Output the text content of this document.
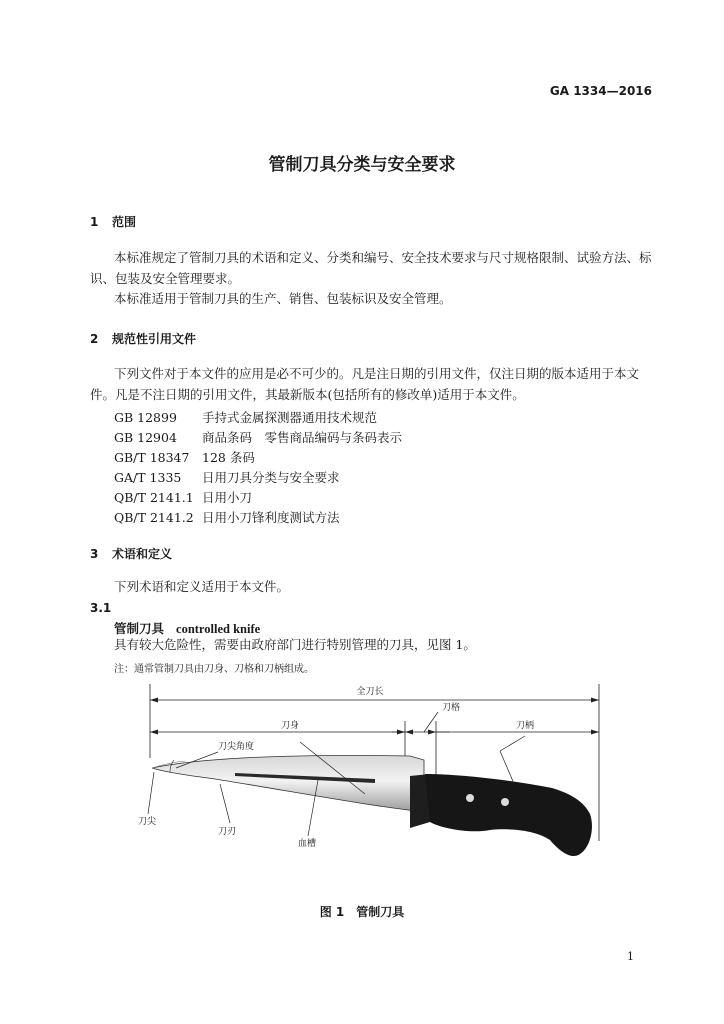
GA 1334—2016
管制刀具分类与安全要求
1 范围
本标准规定了管制刀具的术语和定义、分类和编号、安全技术要求与尺寸规格限制、试验方法、标
识、包装及安全管理要求。
本标准适用于管制刀具的生产、销售、包装标识及安全管理。
2 规范性引用文件
下列文件对于本文件的应用是必不可少的。凡是注日期的引用文件，仅注日期的版本适用于本文
件。凡是不注日期的引用文件，其最新版本(包括所有的修改单)适用于本文件。
GB 12899 手持式金属探测器通用技术规范
GB 12904 商品条码　零售商品编码与条码表示
GB/T 18347 128 条码
GA/T 1335 日用刀具分类与安全要求
QB/T 2141.1 日用小刀
QB/T 2141.2 日用小刀锋利度测试方法
3 术语和定义
下列术语和定义适用于本文件。
3.1
管制刀具 controlled knife
具有较大危险性，需要由政府部门进行特别管理的刀具，见图 1。
注：通常管制刀具由刀身、刀格和刀柄组成。
全刀长
刀身
刀格
刀柄
刀尖角度
刀尖
刀刃
血槽
图 1　管制刀具
1
